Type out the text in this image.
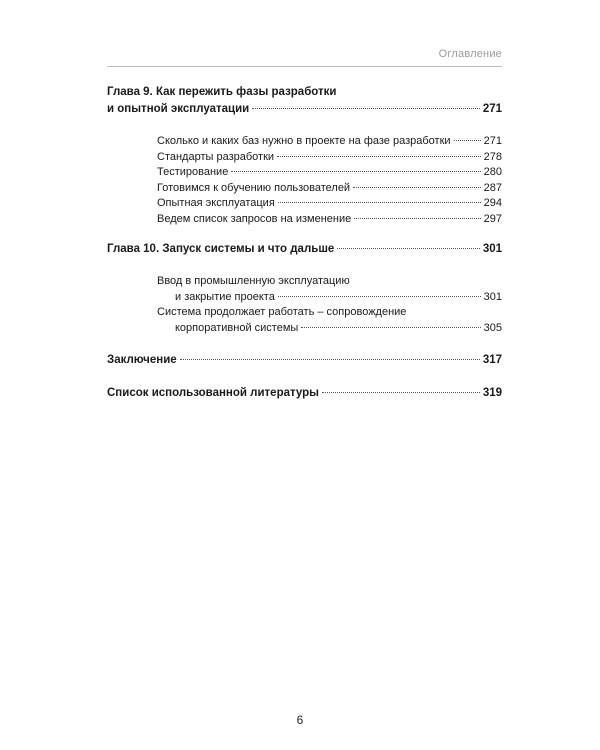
Оглавление
Глава 9. Как пережить фазы разработки
и опытной эксплуатации	271
Сколько и каких баз нужно в проекте на фазе разработки	271
Стандарты разработки	278
Тестирование	280
Готовимся к обучению пользователей	287
Опытная эксплуатация	294
Ведем список запросов на изменение	297
Глава 10. Запуск системы и что дальше	301
Ввод в промышленную эксплуатацию
и закрытие проекта	301
Система продолжает работать – сопровождение
корпоративной системы	305
Заключение	317
Список использованной литературы	319
6
